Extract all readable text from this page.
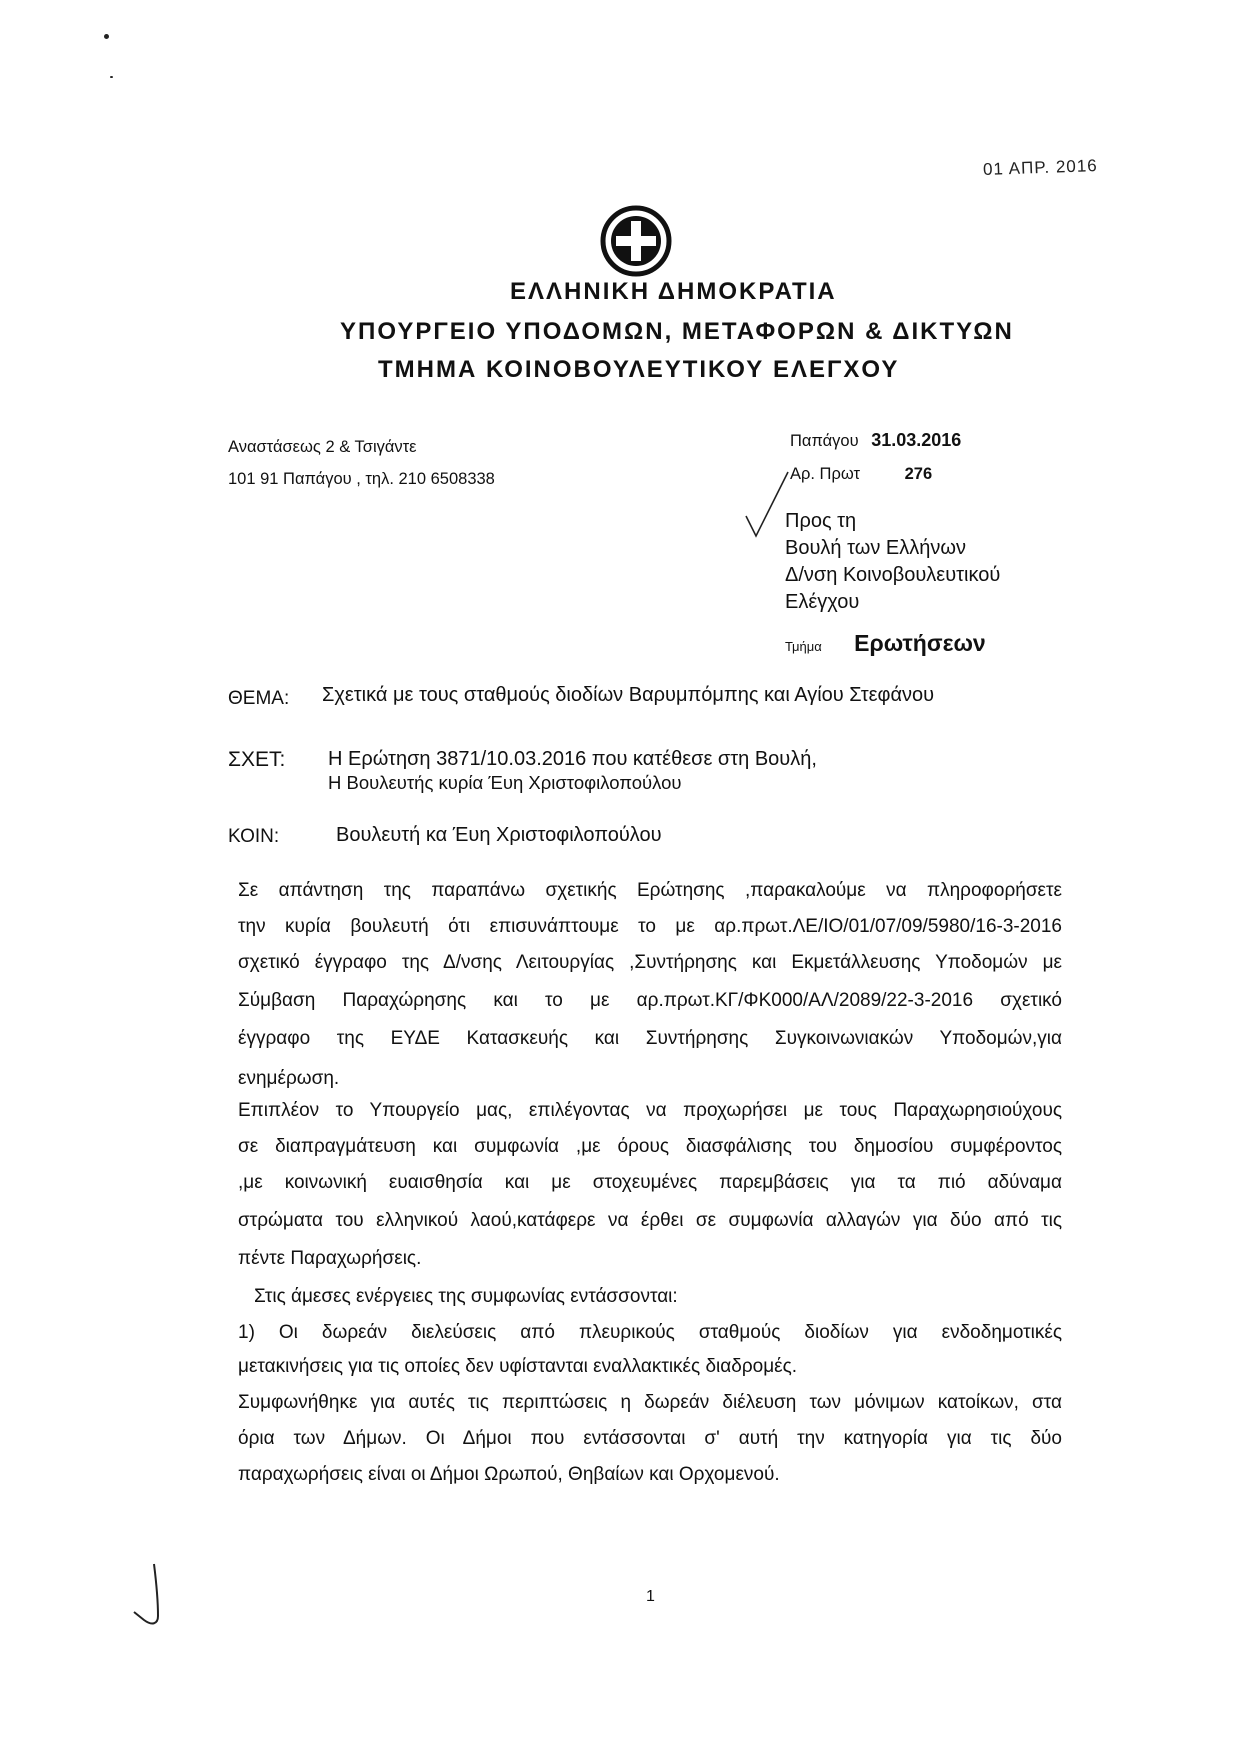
01 ΑΠΡ. 2016
ΕΛΛΗΝΙΚΗ ΔΗΜΟΚΡΑΤΙΑ
ΥΠΟΥΡΓΕΙΟ ΥΠΟΔΟΜΩΝ, ΜΕΤΑΦΟΡΩΝ & ΔΙΚΤΥΩΝ
ΤΜΗΜΑ ΚΟΙΝΟΒΟΥΛΕΥΤΙΚΟΥ ΕΛΕΓΧΟΥ
Αναστάσεως 2 & Τσιγάντε
101 91 Παπάγου , τηλ. 210 6508338
Παπάγου 31.03.2016
Αρ. Πρωτ	276
Προς τη
Βουλή των Ελλήνων
Δ/νση Κοινοβουλευτικού
Ελέγχου
Τμήμα Ερωτήσεων
ΘΕΜΑ: Σχετικά με τους σταθμούς διοδίων Βαρυμπόμπης και Αγίου Στεφάνου
ΣΧΕΤ: Η Ερώτηση 3871/10.03.2016 που κατέθεσε στη Βουλή,
Η Βουλευτής κυρία Έυη Χριστοφιλοπούλου
ΚΟΙΝ:	Βουλευτή κα Έυη Χριστοφιλοπούλου
Σε απάντηση της παραπάνω σχετικής Ερώτησης ,παρακαλούμε να πληροφορήσετε
την κυρία βουλευτή ότι επισυνάπτουμε το με αρ.πρωτ.ΛΕ/ΙΟ/01/07/09/5980/16-3-2016
σχετικό έγγραφο της Δ/νσης Λειτουργίας ,Συντήρησης και Εκμετάλλευσης Υποδομών με
Σύμβαση Παραχώρησης και το με αρ.πρωτ.ΚΓ/ΦΚ000/ΑΛ/2089/22-3-2016 σχετικό
έγγραφο της ΕΥΔΕ Κατασκευής και Συντήρησης Συγκοινωνιακών Υποδομών,για
ενημέρωση.
Επιπλέον το Υπουργείο μας, επιλέγοντας να προχωρήσει με τους Παραχωρησιούχους
σε διαπραγμάτευση και συμφωνία ,με όρους διασφάλισης του δημοσίου συμφέροντος
,με κοινωνική ευαισθησία και με στοχευμένες παρεμβάσεις για τα πιό αδύναμα
στρώματα του ελληνικού λαού,κατάφερε να έρθει σε συμφωνία αλλαγών για δύο από τις
πέντε Παραχωρήσεις.
Στις άμεσες ενέργειες της συμφωνίας εντάσσονται:
1) Οι δωρεάν διελεύσεις από πλευρικούς σταθμούς διοδίων για ενδοδημοτικές
μετακινήσεις για τις οποίες δεν υφίστανται εναλλακτικές διαδρομές.
Συμφωνήθηκε για αυτές τις περιπτώσεις η δωρεάν διέλευση των μόνιμων κατοίκων, στα
όρια των Δήμων. Οι Δήμοι που εντάσσονται σ' αυτή την κατηγορία για τις δύο
παραχωρήσεις είναι οι Δήμοι Ωρωπού, Θηβαίων και Ορχομενού.
1
